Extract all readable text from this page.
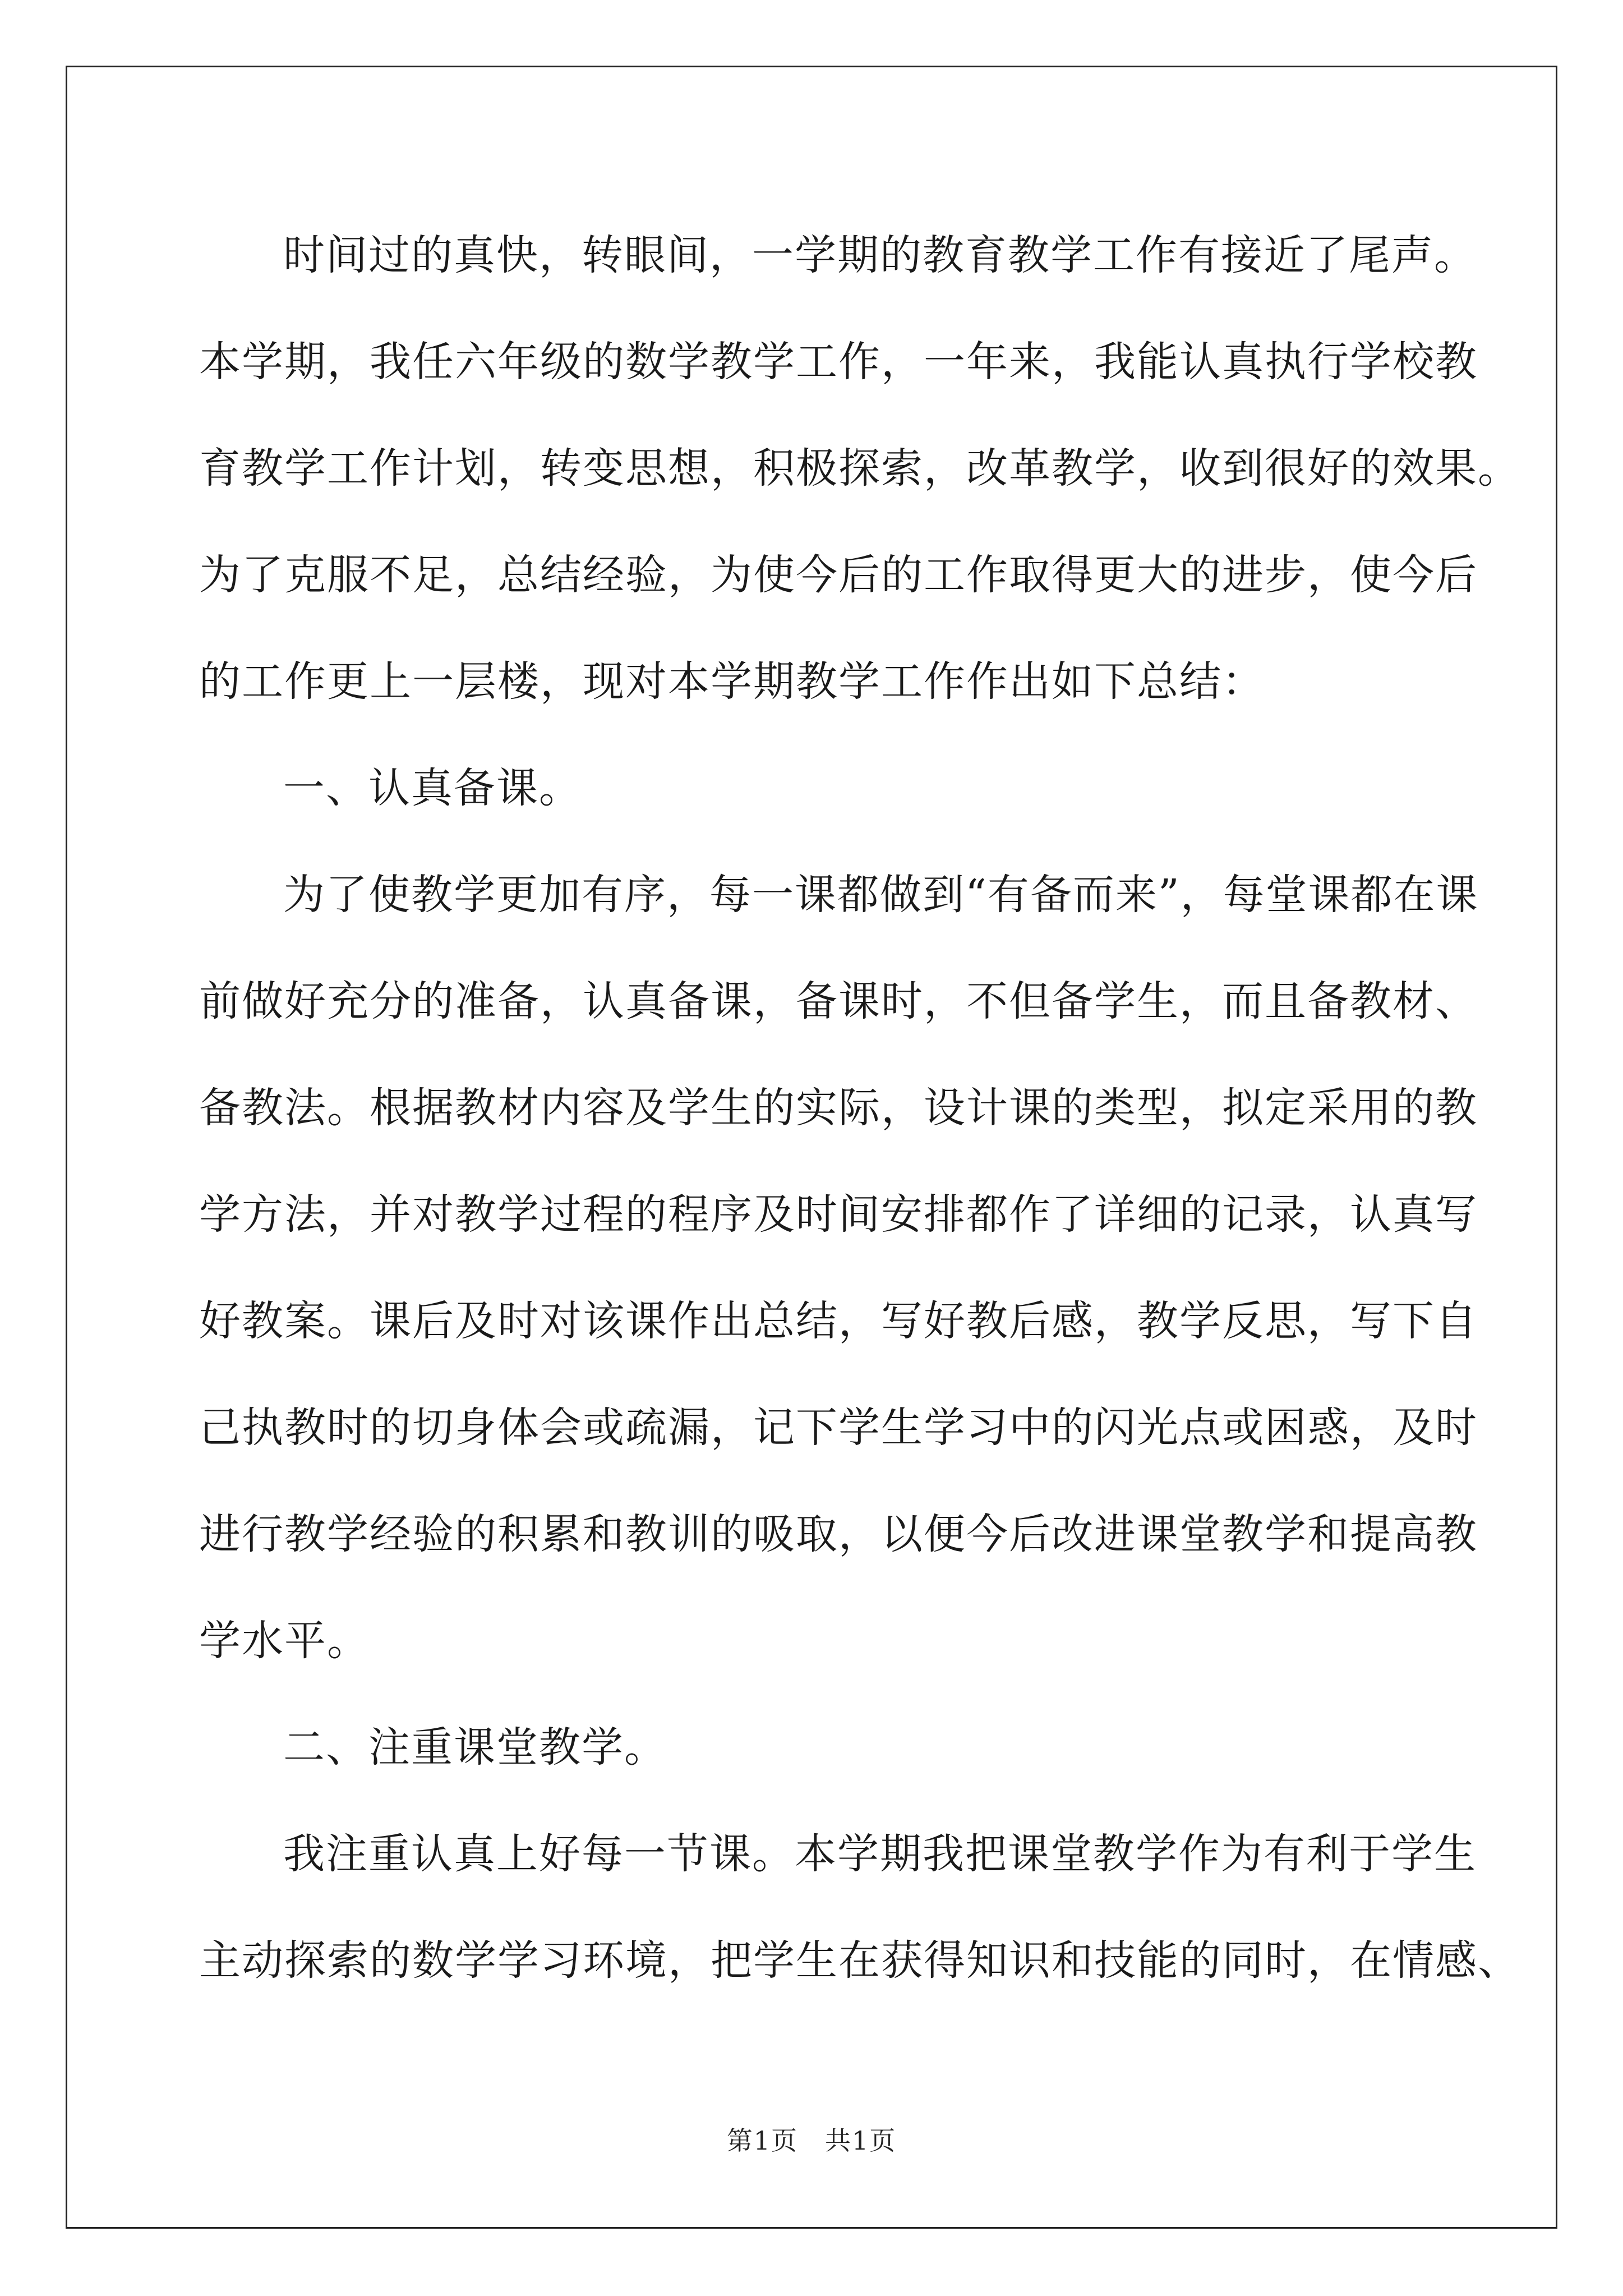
时间过的真快，转眼间，一学期的教育教学工作有接近了尾声。
本学期，我任六年级的数学教学工作，一年来，我能认真执行学校教
育教学工作计划，转变思想，积极探索，改革教学，收到很好的效果。
为了克服不足，总结经验，为使今后的工作取得更大的进步，使今后
的工作更上一层楼，现对本学期教学工作作出如下总结：
一、认真备课。
为了使教学更加有序，每一课都做到“有备而来”，每堂课都在课
前做好充分的准备，认真备课，备课时，不但备学生，而且备教材、
备教法。根据教材内容及学生的实际，设计课的类型，拟定采用的教
学方法，并对教学过程的程序及时间安排都作了详细的记录，认真写
好教案。课后及时对该课作出总结，写好教后感，教学反思，写下自
己执教时的切身体会或疏漏，记下学生学习中的闪光点或困惑，及时
进行教学经验的积累和教训的吸取，以便今后改进课堂教学和提高教
学水平。
二、注重课堂教学。
我注重认真上好每一节课。本学期我把课堂教学作为有利于学生
主动探索的数学学习环境，把学生在获得知识和技能的同时，在情感、
第1页　共1页
